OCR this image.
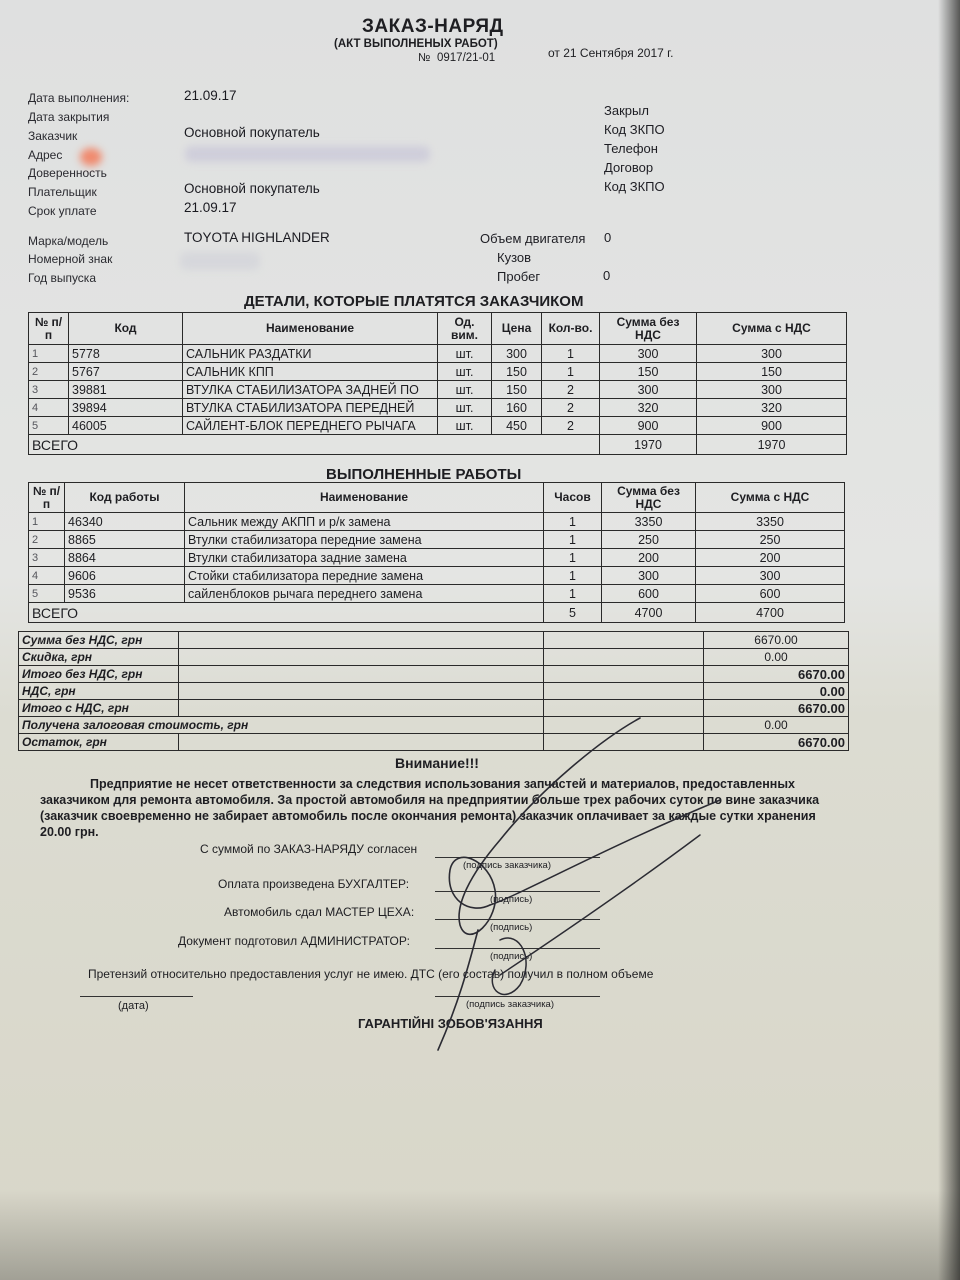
ЗАКАЗ-НАРЯД
(АКТ ВЫПОЛНЕНЫХ РАБОТ)
№ 0917/21-01	от 21 Сентября 2017 г.
Дата выполнения:	21.09.17
Дата закрытия
Заказчик	Основной покупатель
Адрес
Доверенность
Плательщик	Основной покупатель
Срок уплате	21.09.17
Закрыл
Код ЗКПО
Телефон
Договор
Код ЗКПО
Марка/модель	TOYOTA HIGHLANDER
Номерной знак
Год выпуска
Объем двигателя 0
Кузов
Пробег	0
ДЕТАЛИ, КОТОРЫЕ ПЛАТЯТСЯ ЗАКАЗЧИКОМ
№ п/п	Код	Наименование	Од. вим.	Цена	Кол-во.	Сумма без НДС	Сумма с НДС
1	5778	САЛЬНИК РАЗДАТКИ	шт.	300	1	300	300
2	5767	САЛЬНИК КПП	шт.	150	1	150	150
3	39881	ВТУЛКА СТАБИЛИЗАТОРА ЗАДНЕЙ ПО	шт.	150	2	300	300
4	39894	ВТУЛКА СТАБИЛИЗАТОРА ПЕРЕДНЕЙ	шт.	160	2	320	320
5	46005	САЙЛЕНТ-БЛОК ПЕРЕДНЕГО РЫЧАГА	шт.	450	2	900	900
ВСЕГО						1970	1970
ВЫПОЛНЕННЫЕ РАБОТЫ
№ п/п	Код работы	Наименование	Часов	Сумма без НДС	Сумма с НДС
1	46340	Сальник между АКПП и р/к замена	1	3350	3350
2	8865	Втулки стабилизатора передние замена	1	250	250
3	8864	Втулки стабилизатора задние замена	1	200	200
4	9606	Стойки стабилизатора передние замена	1	300	300
5	9536	сайленблоков рычага переднего замена	1	600	600
ВСЕГО			5	4700	4700
Сумма без НДС, грн			6670.00
Скидка, грн			0.00
Итого без НДС, грн			6670.00
НДС, грн			0.00
Итого с НДС, грн			6670.00
Получена залоговая стоимость, грн			0.00
Остаток, грн			6670.00
Внимание!!!
Предприятие не несет ответственности за следствия использования запчастей и материалов, предоставленных заказчиком для ремонта автомобиля. За простой автомобиля на предприятии больше трех рабочих суток по вине заказчика (заказчик своевременно не забирает автомобиль после окончания ремонта) заказчик оплачивает за каждые сутки хранения 20.00 грн.
С суммой по ЗАКАЗ-НАРЯДУ согласен
(подпись заказчика)
Оплата произведена БУХГАЛТЕР:
(подпись)
Автомобиль сдал МАСТЕР ЦЕХА:
(подпись)
Документ подготовил АДМИНИСТРАТОР:
(подпись)
Претензий относительно предоставления услуг не имею. ДТС (его состав) получил в полном объеме
(дата)	(подпись заказчика)
ГАРАНТІЙНІ ЗОБОВ'ЯЗАННЯ
